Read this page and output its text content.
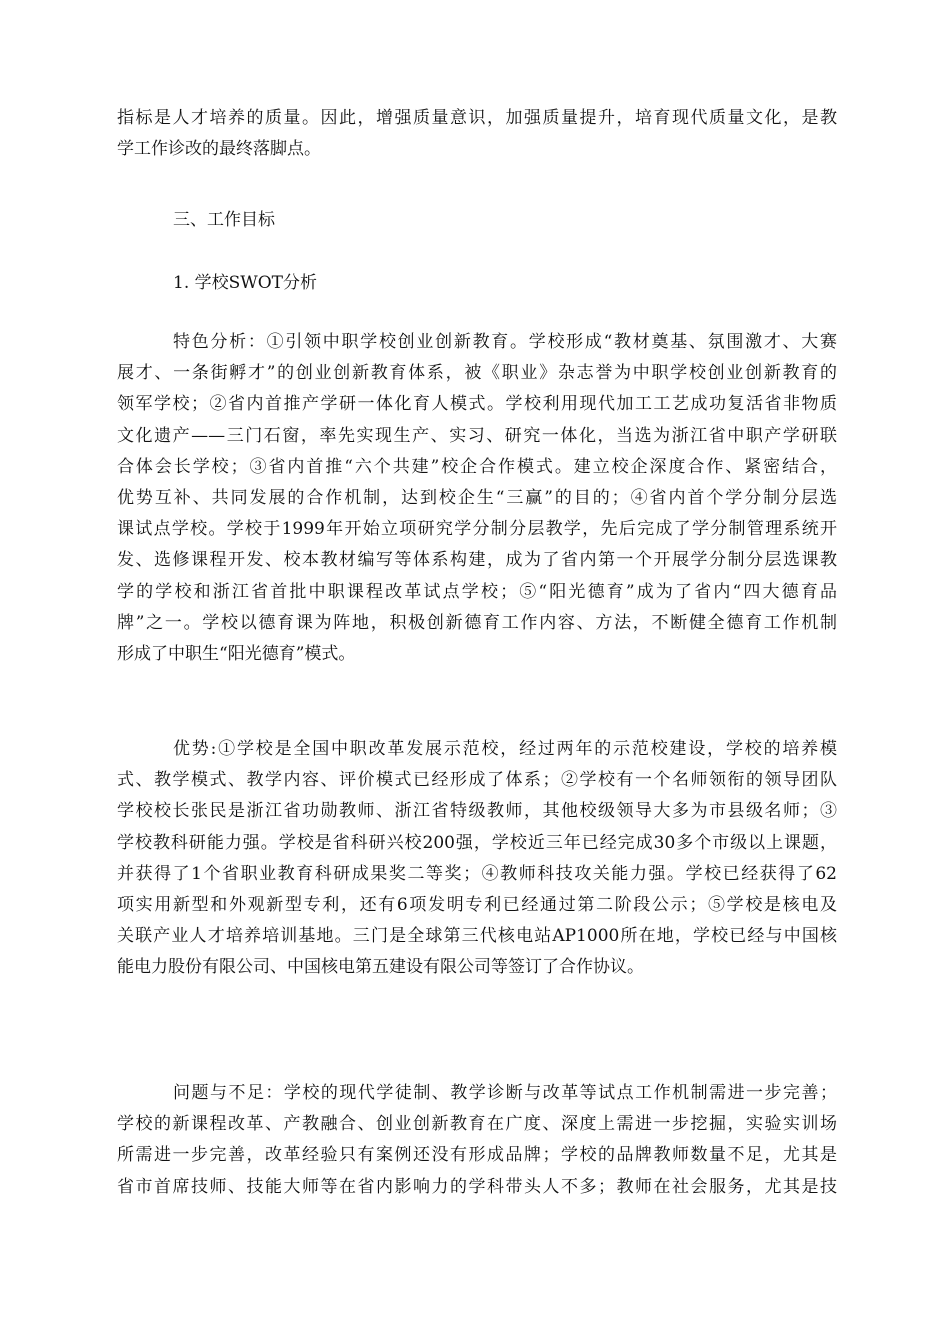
指标是人才培养的质量。因此，增强质量意识，加强质量提升，培育现代质量文化，是教
学工作诊改的最终落脚点。
三、工作目标
1. 学校SWOT分析
特色分析：①引领中职学校创业创新教育。学校形成“教材奠基、氛围激才、大赛
展才、一条街孵才”的创业创新教育体系，被《职业》杂志誉为中职学校创业创新教育的
领军学校；②省内首推产学研一体化育人模式。学校利用现代加工工艺成功复活省非物质
文化遗产——三门石窗，率先实现生产、实习、研究一体化，当选为浙江省中职产学研联
合体会长学校；③省内首推“六个共建”校企合作模式。建立校企深度合作、紧密结合，
优势互补、共同发展的合作机制，达到校企生“三赢”的目的；④省内首个学分制分层选
课试点学校。学校于1999年开始立项研究学分制分层教学，先后完成了学分制管理系统开
发、选修课程开发、校本教材编写等体系构建，成为了省内第一个开展学分制分层选课教
学的学校和浙江省首批中职课程改革试点学校；⑤“阳光德育”成为了省内“四大德育品
牌”之一。学校以德育课为阵地，积极创新德育工作内容、方法，不断健全德育工作机制
形成了中职生“阳光德育”模式。
优势:①学校是全国中职改革发展示范校，经过两年的示范校建设，学校的培养模
式、教学模式、教学内容、评价模式已经形成了体系；②学校有一个名师领衔的领导团队
学校校长张民是浙江省功勋教师、浙江省特级教师，其他校级领导大多为市县级名师；③
学校教科研能力强。学校是省科研兴校200强，学校近三年已经完成30多个市级以上课题，
并获得了1个省职业教育科研成果奖二等奖；④教师科技攻关能力强。学校已经获得了62
项实用新型和外观新型专利，还有6项发明专利已经通过第二阶段公示；⑤学校是核电及
关联产业人才培养培训基地。三门是全球第三代核电站AP1000所在地，学校已经与中国核
能电力股份有限公司、中国核电第五建设有限公司等签订了合作协议。
问题与不足：学校的现代学徒制、教学诊断与改革等试点工作机制需进一步完善；
学校的新课程改革、产教融合、创业创新教育在广度、深度上需进一步挖掘，实验实训场
所需进一步完善，改革经验只有案例还没有形成品牌；学校的品牌教师数量不足，尤其是
省市首席技师、技能大师等在省内影响力的学科带头人不多；教师在社会服务，尤其是技
